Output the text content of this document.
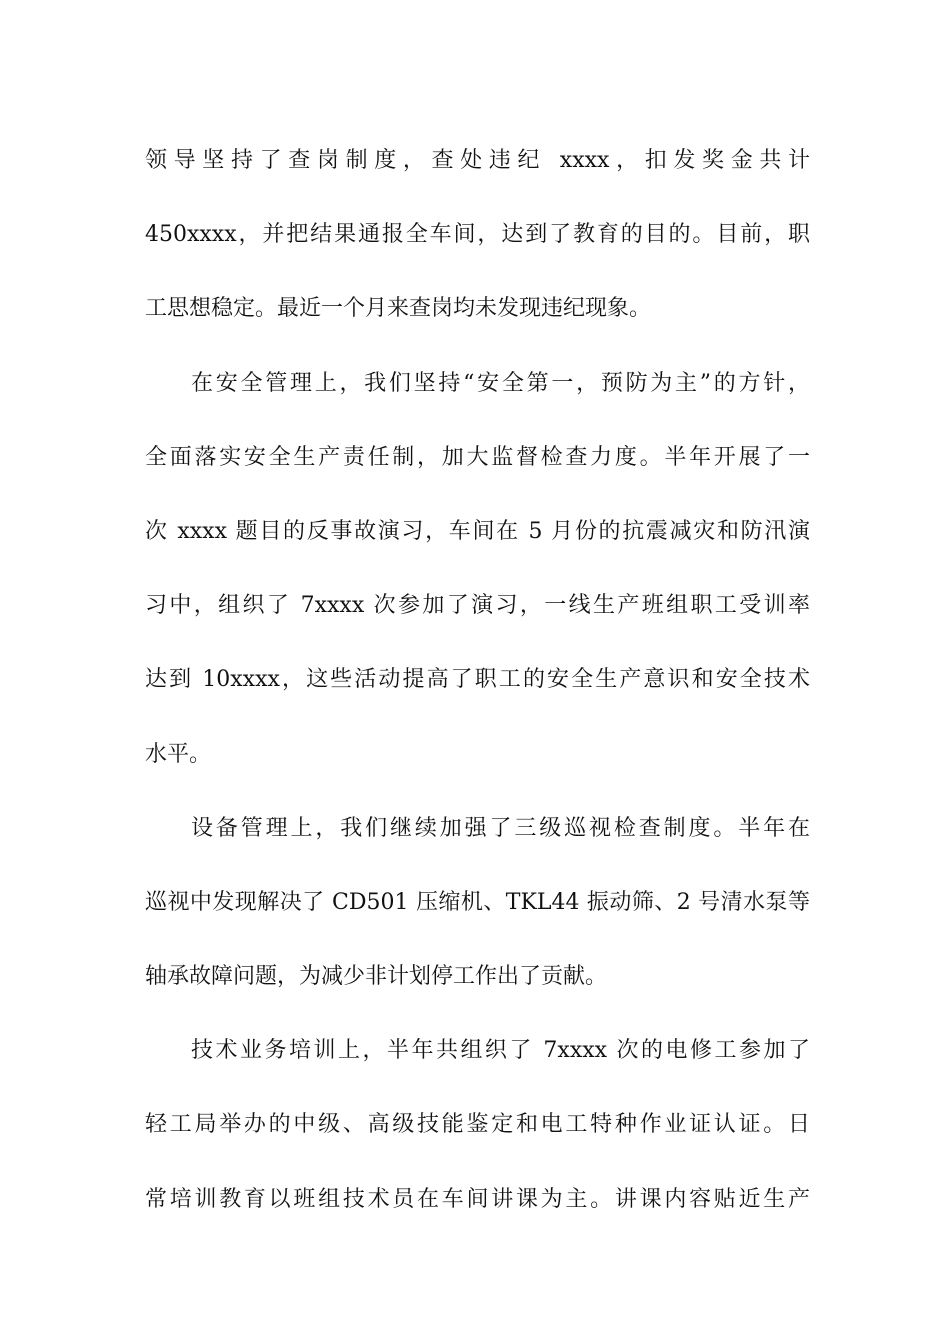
领导坚持了查岗制度，查处违纪 xxxx，扣发奖金共计
450xxxx，并把结果通报全车间，达到了教育的目的。目前，职
工思想稳定。最近一个月来查岗均未发现违纪现象。
在安全管理上，我们坚持“安全第一，预防为主”的方针，
全面落实安全生产责任制，加大监督检查力度。半年开展了一
次 xxxx 题目的反事故演习，车间在 5 月份的抗震减灾和防汛演
习中，组织了 7xxxx 次参加了演习，一线生产班组职工受训率
达到 10xxxx，这些活动提高了职工的安全生产意识和安全技术
水平。
设备管理上，我们继续加强了三级巡视检查制度。半年在
巡视中发现解决了 CD501 压缩机、TKL44 振动筛、2 号清水泵等
轴承故障问题，为减少非计划停工作出了贡献。
技术业务培训上，半年共组织了 7xxxx 次的电修工参加了
轻工局举办的中级、高级技能鉴定和电工特种作业证认证。日
常培训教育以班组技术员在车间讲课为主。讲课内容贴近生产
